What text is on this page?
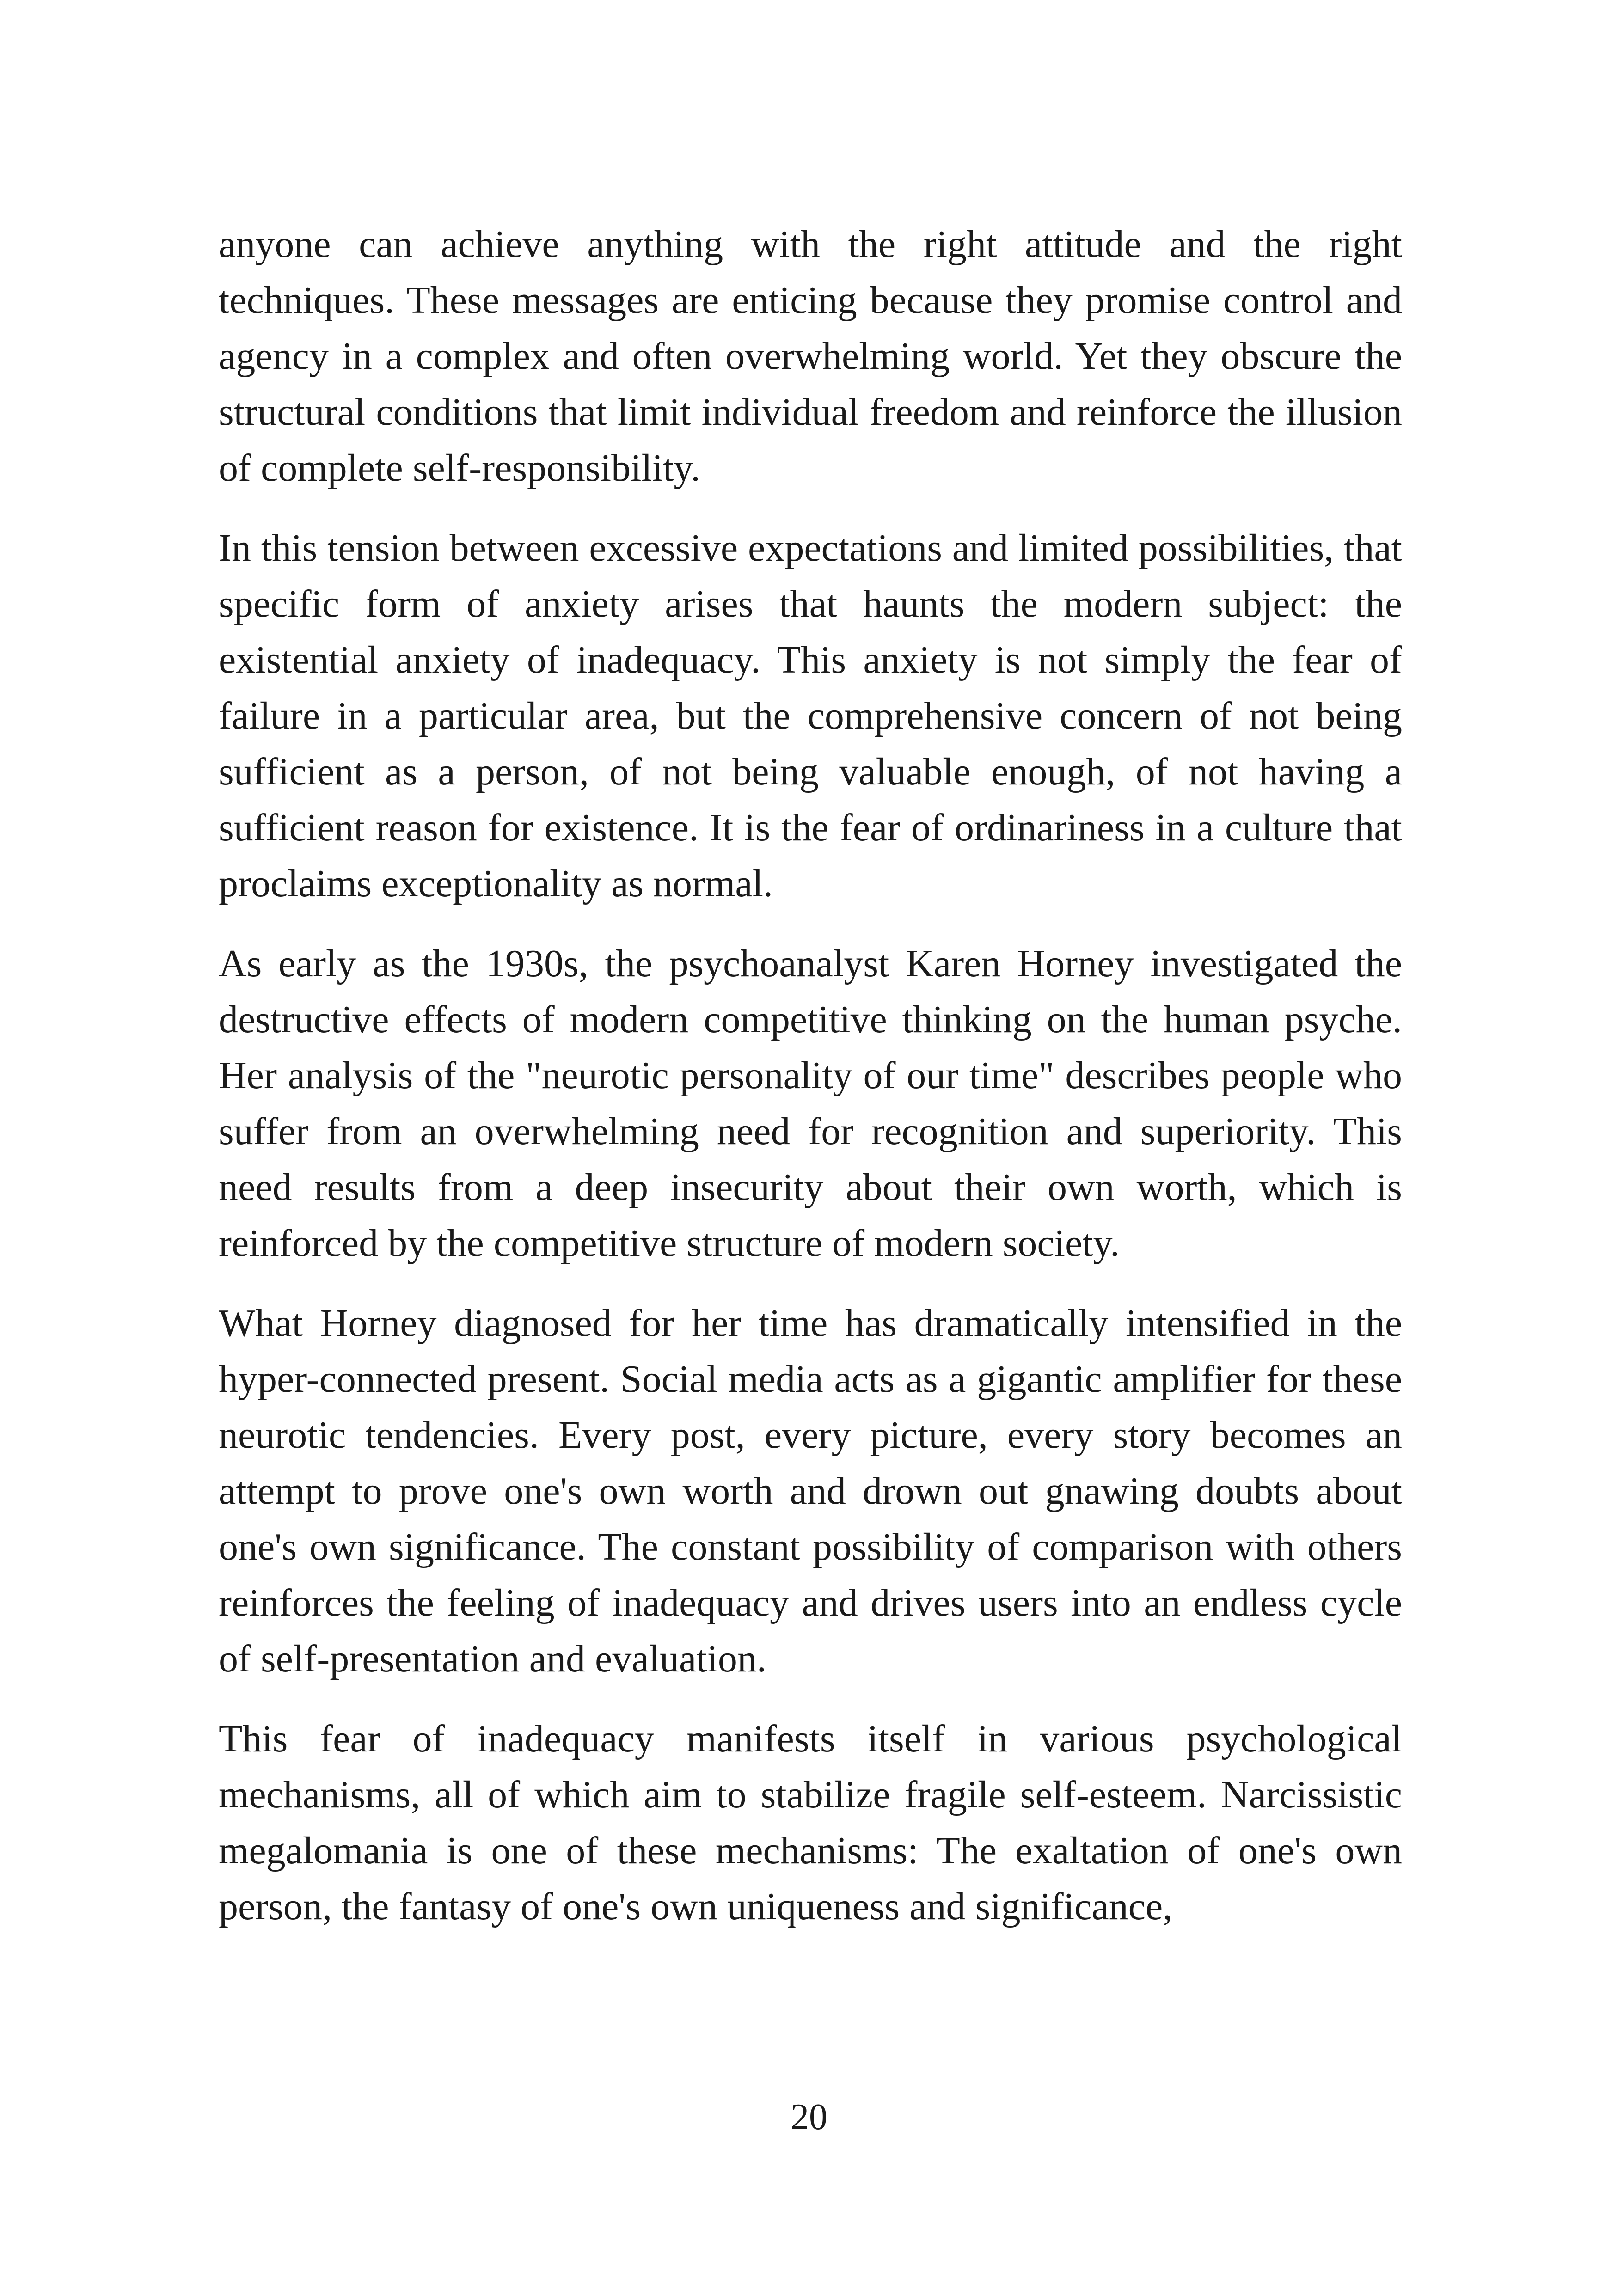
anyone can achieve anything with the right attitude and the right techniques. These messages are enticing because they promise control and agency in a complex and often overwhelming world. Yet they obscure the structural conditions that limit individual freedom and reinforce the illusion of complete self-responsibility.

In this tension between excessive expectations and limited possibilities, that specific form of anxiety arises that haunts the modern subject: the existential anxiety of inadequacy. This anxiety is not simply the fear of failure in a particular area, but the comprehensive concern of not being sufficient as a person, of not being valuable enough, of not having a sufficient reason for existence. It is the fear of ordinariness in a culture that proclaims exceptionality as normal.

As early as the 1930s, the psychoanalyst Karen Horney investigated the destructive effects of modern competitive thinking on the human psyche. Her analysis of the "neurotic personality of our time" describes people who suffer from an overwhelming need for recognition and superiority. This need results from a deep insecurity about their own worth, which is reinforced by the competitive structure of modern society.

What Horney diagnosed for her time has dramatically intensified in the hyper-connected present. Social media acts as a gigantic amplifier for these neurotic tendencies. Every post, every picture, every story becomes an attempt to prove one's own worth and drown out gnawing doubts about one's own significance. The constant possibility of comparison with others reinforces the feeling of inadequacy and drives users into an endless cycle of self-presentation and evaluation.

This fear of inadequacy manifests itself in various psychological mechanisms, all of which aim to stabilize fragile self-esteem. Narcissistic megalomania is one of these mechanisms: The exaltation of one's own person, the fantasy of one's own uniqueness and significance,

20
